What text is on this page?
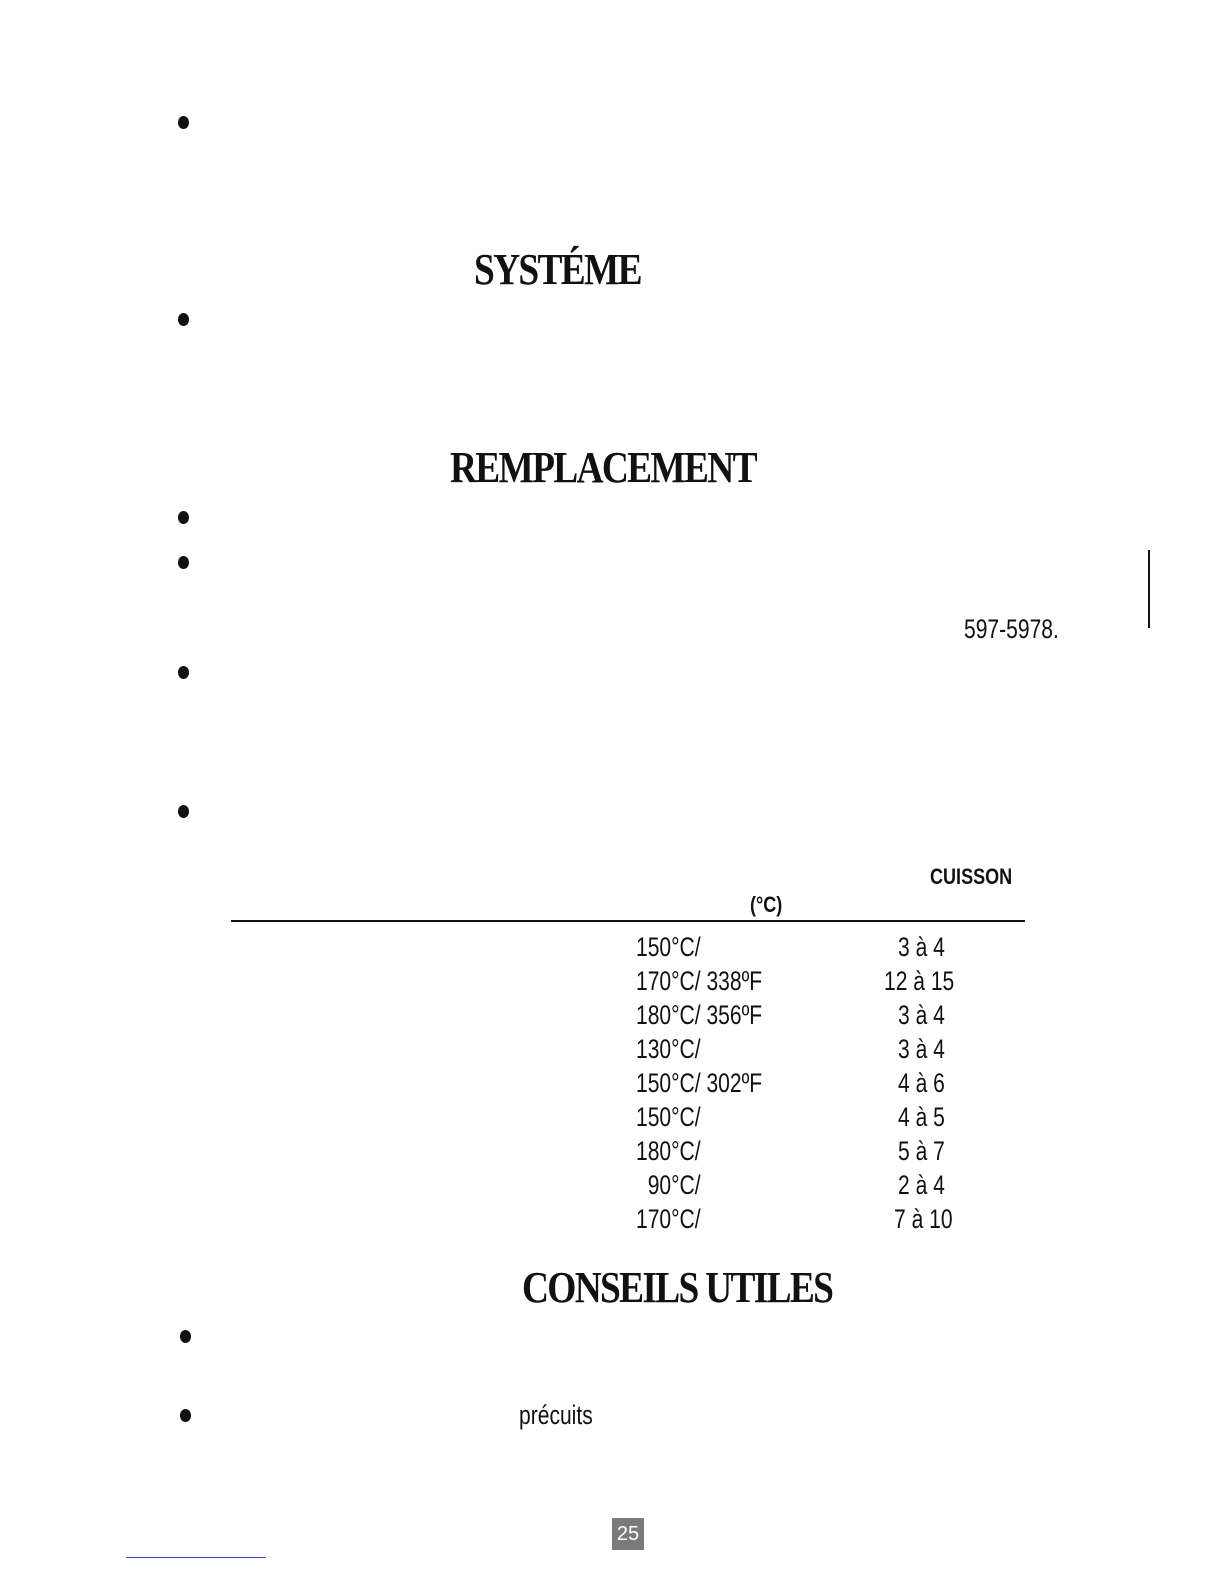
SYSTÉME
REMPLACEMENT
CONSEILS UTILES
597-5978.
CUISSON
(°C)
150°C/	3 à 4
170°C/ 338ºF	12 à 15
180°C/ 356ºF	3 à 4
130°C/	3 à 4
150°C/ 302ºF	4 à 6
150°C/	4 à 5
180°C/	5 à 7
90°C/	2 à 4
170°C/	7 à 10
précuits
25
